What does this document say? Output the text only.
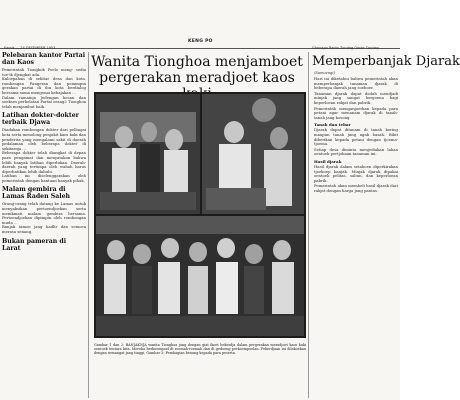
Kamis — 24 DESEMBER 1953
KENG PO
Ghanapo Radio Zondag Ooste Sandep ...
Pelebaran kantor Partai dan Kaos

Pemerintah Tiongkok Poelo meng- sedia toe-ik djengkat ada.

Kaloepahan di sekitar desa dan kota, rombongan Pangeran dan pemimpin gerakan partai di ibu kota berdialog bersama-sama mengenai kebajakan ...

Dalam ramainja Jedengan kesan dan soekses perhelatan Partai orang2 Tionghoa telah menjambut baik.

Latihan dokter-dokter terbaik Djawa

Diadakan rombongan dokter dari pelbagai kota serta menolong penjakit kaos kaki dan penderita yang mengalami sakit di daerah pedalaman oleh beberapa dokter di sekitarnja ...

Beberapa dokter telah diangkat di depan para pengamat dan menyatakan bahwa lebih banyak latihan diperlukan. Daerah-daerah yang tertimpa oleh wabah harus diperhatikan lebih dahulu.

Latihan ini diselenggarakan oleh pemerintah dengan bantuan banyak pihak.

Malam gembira di Lamas Raden Saleh

Orang-orang telah datang ke Lamas untuk menyaksikan pertoendjoekan serta menikmati malam gembira bersama. Pertoendjoekan dipimpin oleh rombongan muda ...

Banjak tamoe jang hadlir dan semoea merasa senang.

Bukan pameran di Larat
Wanita Tionghoa menjamboet
pergerakan meradjoet kaos
Gambar 1 dan 2: BANJAKNJA wanita Tionghoa jang dengan giat ikoet bekerdja dalam pergerakan meradjoet kaos kaki oentoek tentara kita. Mereka berkoempoel di roemah-roemah dan di gedoeng perkoempoelan. Pekerdjaan ini dilakoekan dengan semangat jang tinggi, Gambar 3: Pembagian benang kepada para peserta.
Memperbanjak Djarak
(Samoengi)

Hari ini diketahui bahwa pemerintah akan memperbanjak tanaman djarak di beberapa daerah jang soeboer.

Tanaman djarak dapat diolah mendjadi minjak jang sangat bergoena bagi keperloean rakjat dan pabrik.

Pemerintah menganjoerkan kepada para petani agar menanam djarak di tanah-tanah jang kosong.

Tanah dan tebar

Djarak dapat ditanam di tanah kering maupun tanah jang agak basah. Bibit diberikan kepada petani dengan tjoema-tjoema.

Setiap desa diminta menjediakan lahan oentoek pertjobaan tanaman ini.

Hasil djarak

Hasil djarak dalam setahoen diperkirakan tjoekoep banjak. Minjak djarak dipakai oentoek pelitas, sabun, dan keperloean pabrik.

Pemerintah akan membeli hasil djarak dari rakjat dengan harga jang pantas.
